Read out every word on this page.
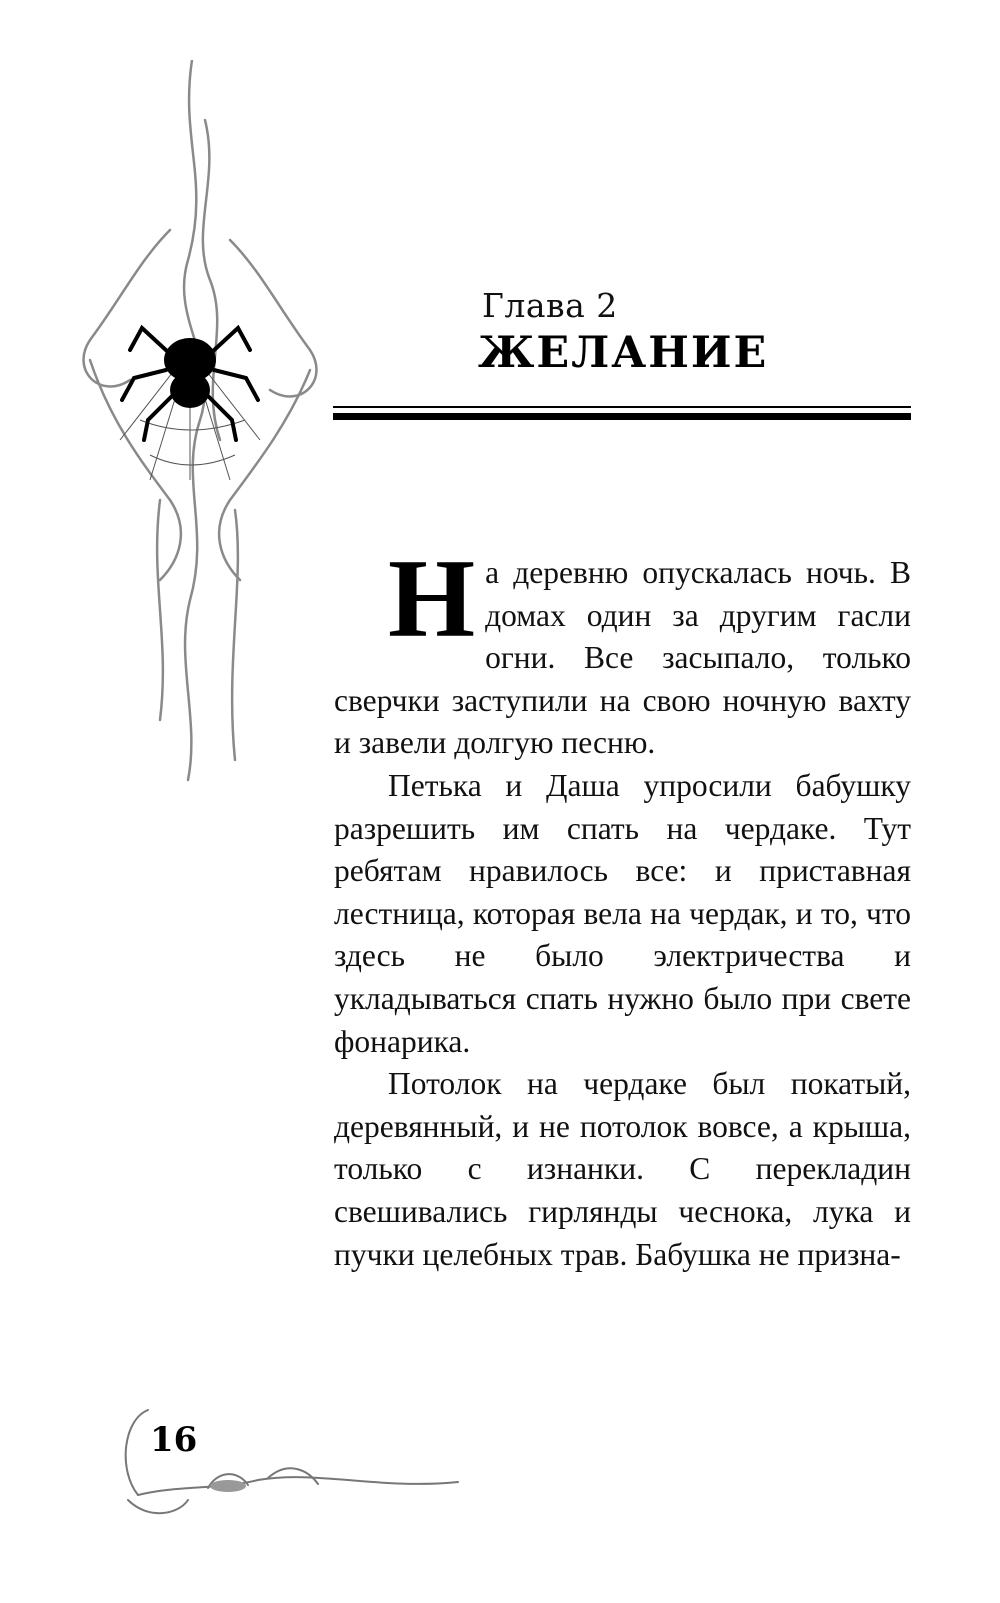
Глава 2
ЖЕЛАНИЕ

На деревню опускалась ночь. В домах один за другим гасли огни. Все засыпало, только сверчки заступили на свою ночную вахту и завели долгую песню.

Петька и Даша упросили бабушку разрешить им спать на чердаке. Тут ребятам нравилось все: и приставная лестница, которая вела на чердак, и то, что здесь не было электричества и укладываться спать нужно было при свете фонарика.

Потолок на чердаке был покатый, деревянный, и не потолок вовсе, а крыша, только с изнанки. С перекладин свешивались гирлянды чеснока, лука и пучки целебных трав. Бабушка не призна-

16
